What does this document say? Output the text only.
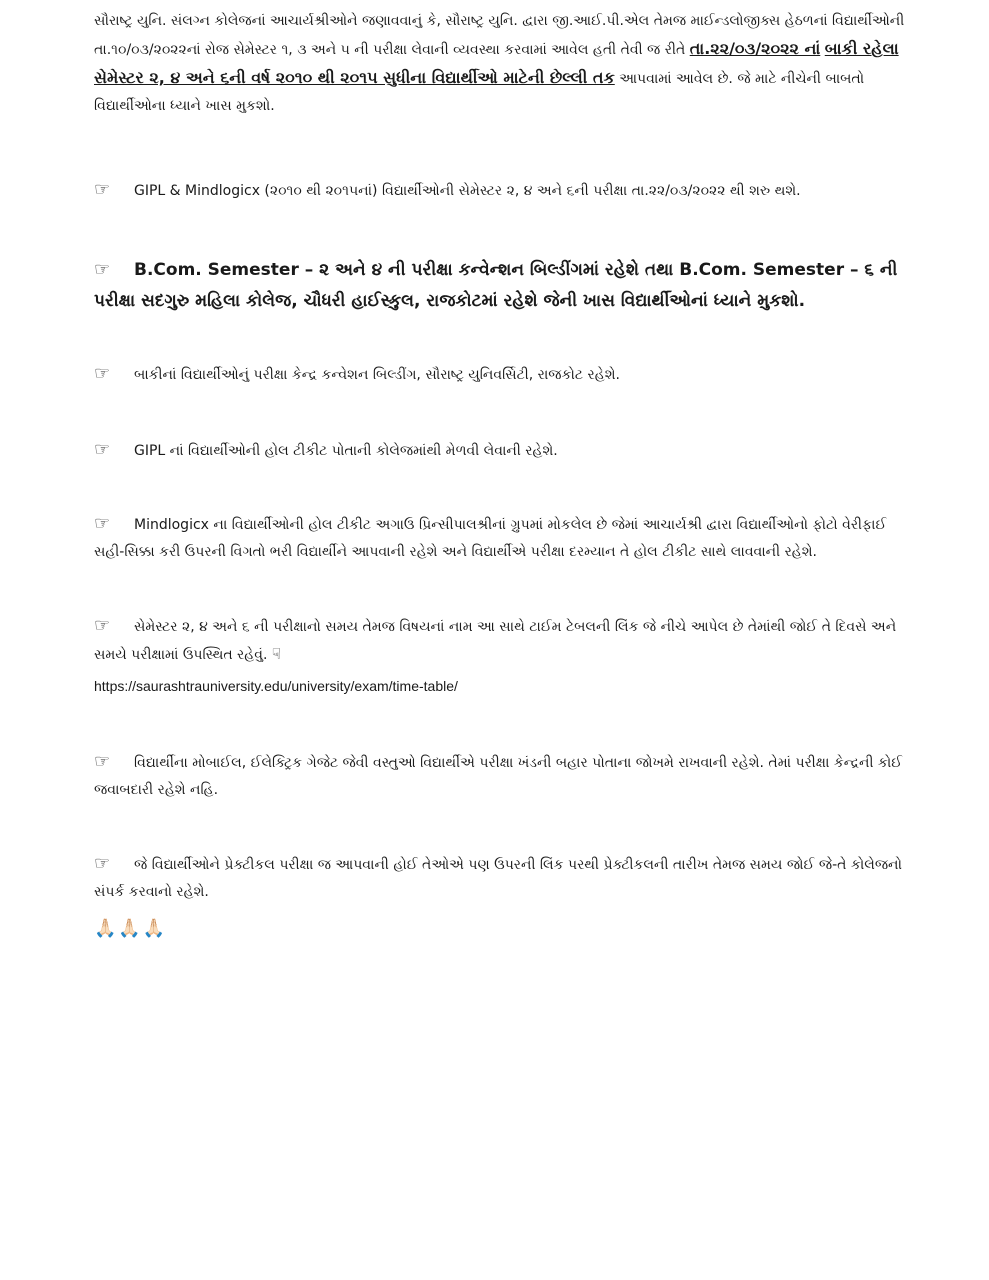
સૌરાષ્ટ્ર યુનિ. સંલગ્ન કોલેજનાં આચાર્યશ્રીઓને જણાવવાનું કે, સૌરાષ્ટ્ર યુનિ. દ્વારા જી.આઈ.પી.એલ તેમજ માઈન્ડલોજીક્સ હેઠળનાં વિદ્યાર્થીઓની તા.૧૦/૦૩/૨૦૨૨નાં રોજ સેમેસ્ટર ૧, ૩ અને ૫ ની પરીક્ષા લેવાની વ્યવસ્થા કરવામાં આવેલ હતી તેવી જ રીતે તા.૨૨/૦૩/૨૦૨૨ નાં બાકી રહેલા સેમેસ્ટર ૨, ૪ અને ૬ની વર્ષ ૨૦૧૦ થી ૨૦૧૫ સુધીના વિદ્યાર્થીઓ માટેની છેલ્લી તક આપવામાં આવેલ છે. જે માટે નીચેની બાબતો વિદ્યાર્થીઓના ધ્યાને ખાસ મુકશો.
☞ GIPL & Mindlogicx (૨૦૧૦ થી ૨૦૧૫નાં) વિદ્યાર્થીઓની સેમેસ્ટર ૨, ૪ અને ૬ની પરીક્ષા તા.૨૨/૦૩/૨૦૨૨ થી શરુ થશે.
☞ B.Com. Semester – ૨ અને ૪ ની પરીક્ષા કન્વેન્શન બિલ્ડીંગમાં રહેશે તથા B.Com. Semester – ૬ ની પરીક્ષા સદગુરુ મહિલા કોલેજ, ચૌધરી હાઈસ્કુલ, રાજકોટમાં રહેશે જેની ખાસ વિદ્યાર્થીઓનાં ધ્યાને મુકશો.
☞ બાકીનાં વિદ્યાર્થીઓનું પરીક્ષા કેન્દ્ર કન્વેશન બિલ્ડીંગ, સૌરાષ્ટ્ર યુનિવર્સિટી, રાજકોટ રહેશે.
☞ GIPL નાં વિદ્યાર્થીઓની હોલ ટીકીટ પોતાની કોલેજમાંથી મેળવી લેવાની રહેશે.
☞ Mindlogicx ના વિદ્યાર્થીઓની હોલ ટીકીટ અગાઉ પ્રિન્સીપાલશ્રીનાં ગ્રુપમાં મોકલેલ છે જેમાં આચાર્યશ્રી દ્વારા વિદ્યાર્થીઓનો ફોટો વેરીફાઈ સહી-સિક્કા કરી ઉપરની વિગતો ભરી વિદ્યાર્થીને આપવાની રહેશે અને વિદ્યાર્થીએ પરીક્ષા દરમ્યાન તે હોલ ટીકીટ સાથે લાવવાની રહેશે.
☞ સેમેસ્ટર ૨, ૪ અને ૬ ની પરીક્ષાનો સમય તેમજ વિષયનાં નામ આ સાથે ટાઈમ ટેબલની લિંક જે નીચે આપેલ છે તેમાંથી જોઈ તે દિવસે અને સમયે પરીક્ષામાં ઉપસ્થિત રહેવું. ☟
https://saurashtrauniversity.edu/university/exam/time-table/
☞ વિદ્યાર્થીના મોબાઈલ, ઈલેક્ટ્રિક ગેજેટ જેવી વસ્તુઓ વિદ્યાર્થીએ પરીક્ષા ખંડની બહાર પોતાના જોખમે રાખવાની રહેશે. તેમાં પરીક્ષા કેન્દ્રની કોઈ જવાબદારી રહેશે નહિ.
☞ જે વિદ્યાર્થીઓને પ્રેક્ટીકલ પરીક્ષા જ આપવાની હોઈ તેઓએ પણ ઉપરની લિંક પરથી પ્રેક્ટીકલની તારીખ તેમજ સમય જોઈ જે-તે કોલેજનો સંપર્ક કરવાનો રહેશે.
🙏🏻🙏🏻🙏🏻
